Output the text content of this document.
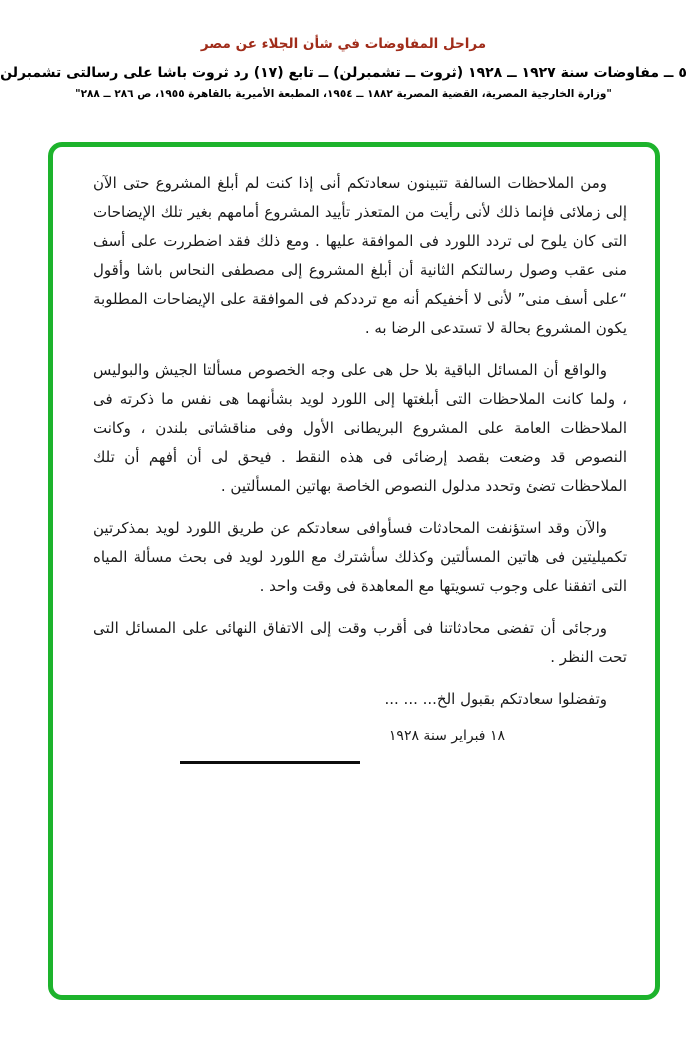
مراحل المفاوضات في شأن الجلاء عن مصر
٥ ــ مفاوضات سنة ١٩٢٧ ــ ١٩٢٨ (ثروت ــ تشمبرلن) ــ تابع (١٧) رد ثروت باشا على رسالتى تشمبرلن
"وزارة الخارجية المصرية، القضية المصرية ١٨٨٢ ــ ١٩٥٤، المطبعة الأميرية بالقاهرة ١٩٥٥، ص ٢٨٦ ــ ٢٨٨"

ومن الملاحظات السالفة تتبينون سعادتكم أنى إذا كنت لم أبلغ المشروع حتى الآن إلى زملائى فإنما ذلك لأنى رأيت من المتعذر تأييد المشروع أمامهم بغير تلك الإيضاحات التى كان يلوح لى تردد اللورد فى الموافقة عليها . ومع ذلك فقد اضطررت على أسف منى عقب وصول رسالتكم الثانية أن أبلغ المشروع إلى مصطفى النحاس باشا وأقول “على أسف منى” لأنى لا أخفيكم أنه مع ترددكم فى الموافقة على الإيضاحات المطلوبة يكون المشروع بحالة لا تستدعى الرضا به .

والواقع أن المسائل الباقية بلا حل هى على وجه الخصوص مسألتا الجيش والبوليس ، ولما كانت الملاحظات التى أبلغتها إلى اللورد لويد بشأنهما هى نفس ما ذكرته فى الملاحظات العامة على المشروع البريطانى الأول وفى مناقشاتى بلندن ، وكانت النصوص قد وضعت بقصد إرضائى فى هذه النقط . فيحق لى أن أفهم أن تلك الملاحظات تضئ وتحدد مدلول النصوص الخاصة بهاتين المسألتين .

والآن وقد استؤنفت المحادثات فسأوافى سعادتكم عن طريق اللورد لويد بمذكرتين تكميليتين فى هاتين المسألتين وكذلك سأشترك مع اللورد لويد فى بحث مسألة المياه التى اتفقنا على وجوب تسويتها مع المعاهدة فى وقت واحد .

ورجائى أن تفضى محادثاتنا فى أقرب وقت إلى الاتفاق النهائى على المسائل التى تحت النظر .

وتفضلوا سعادتكم بقبول الخ... ... ...

١٨ فبراير سنة ١٩٢٨
